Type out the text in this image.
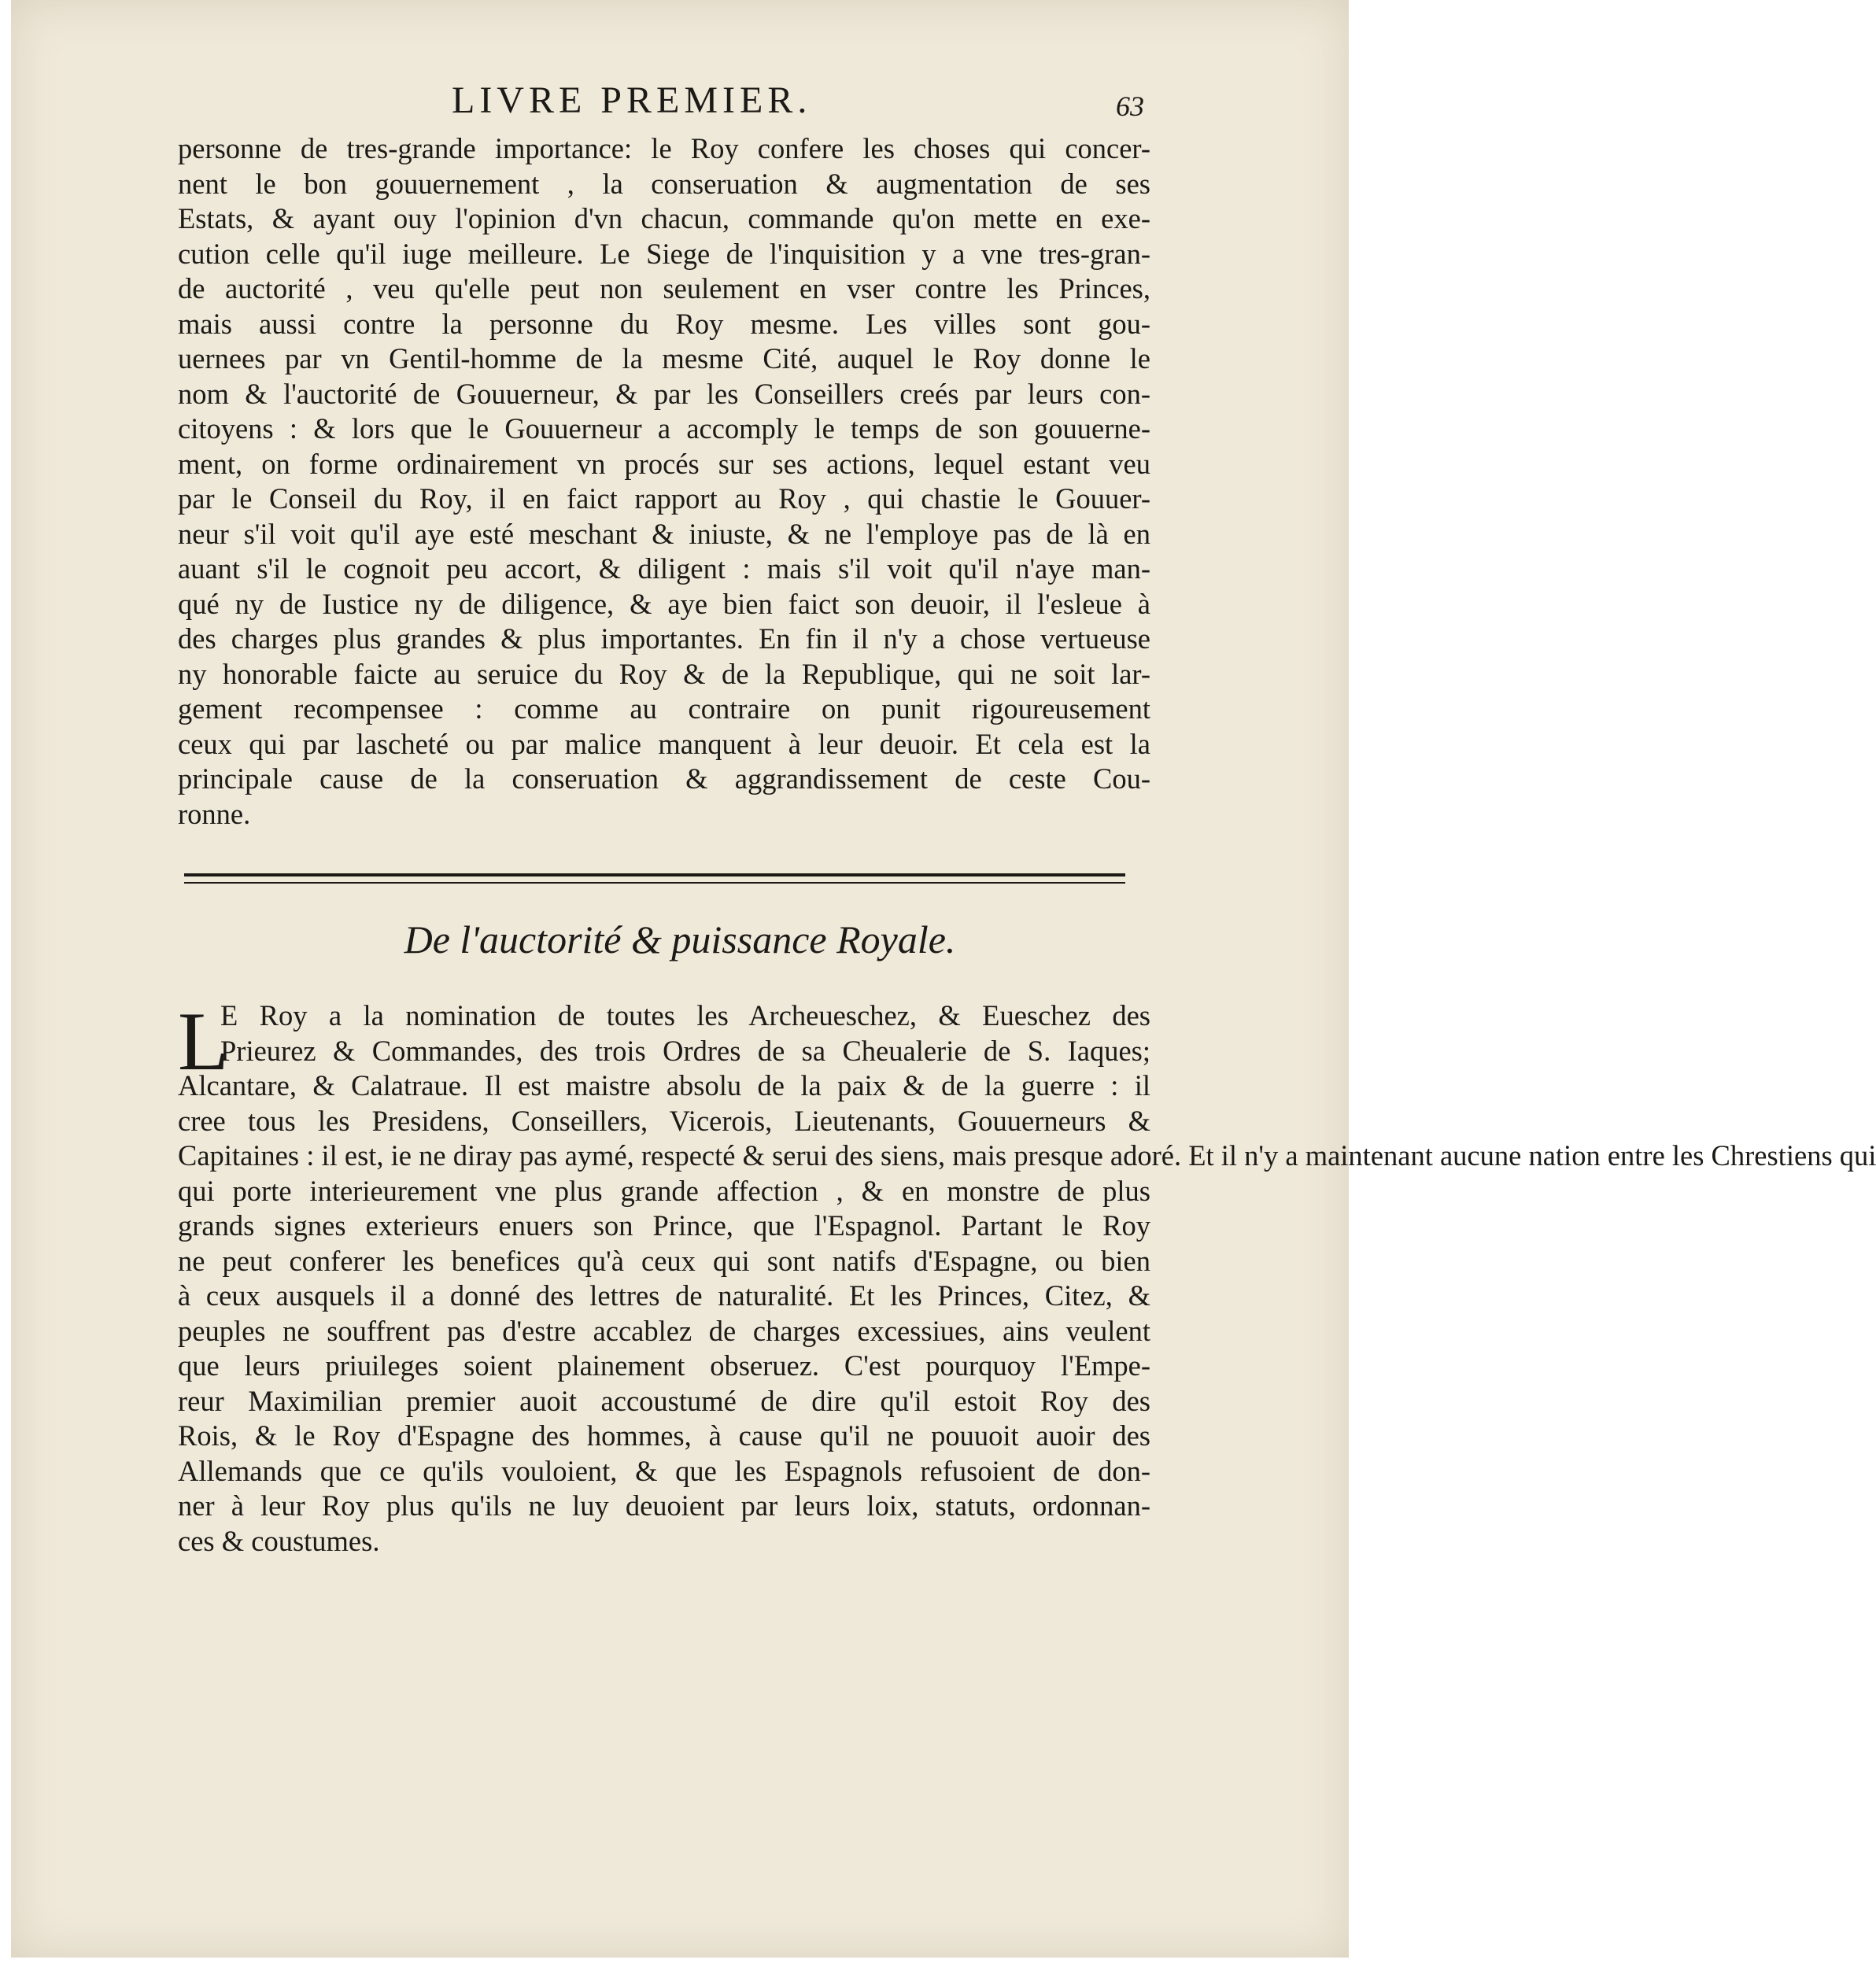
LIVRE PREMIER.	63
personne de tres-grande importance: le Roy confere les choses qui concer-
nent le bon gouuernement , la conseruation & augmentation de ses
Estats, & ayant ouy l'opinion d'vn chacun, commande qu'on mette en exe-
cution celle qu'il iuge meilleure. Le Siege de l'inquisition y a vne tres-gran-
de auctorité , veu qu'elle peut non seulement en vser contre les Princes,
mais aussi contre la personne du Roy mesme. Les villes sont gou-
uernees par vn Gentil-homme de la mesme Cité, auquel le Roy donne le
nom & l'auctorité de Gouuerneur, & par les Conseillers creés par leurs con-
citoyens : & lors que le Gouuerneur a accomply le temps de son gouuerne-
ment, on forme ordinairement vn procés sur ses actions, lequel estant veu
par le Conseil du Roy, il en faict rapport au Roy , qui chastie le Gouuer-
neur s'il voit qu'il aye esté meschant & iniuste, & ne l'employe pas de là en
auant s'il le cognoit peu accort, & diligent : mais s'il voit qu'il n'aye man-
qué ny de Iustice ny de diligence, & aye bien faict son deuoir, il l'esleue à
des charges plus grandes & plus importantes. En fin il n'y a chose vertueuse
ny honorable faicte au seruice du Roy & de la Republique, qui ne soit lar-
gement recompensee : comme au contraire on punit rigoureusement
ceux qui par lascheté ou par malice manquent à leur deuoir. Et cela est la
principale cause de la conseruation & aggrandissement de ceste Cou-
ronne.
De l'auctorité & puissance Royale.
L
E Roy a la nomination de toutes les Archeueschez, & Eueschez des
Prieurez & Commandes, des trois Ordres de sa Cheualerie de S. Iaques;
Alcantare, & Calatraue. Il est maistre absolu de la paix & de la guerre : il
cree tous les Presidens, Conseillers, Vicerois, Lieutenants, Gouuerneurs &
Capitaines : il est, ie ne diray pas aymé, respecté & serui des siens, mais presque adoré. Et il n'y a maintenant aucune nation entre les Chrestiens qui
qui porte interieurement vne plus grande affection , & en monstre de plus
grands signes exterieurs enuers son Prince, que l'Espagnol. Partant le Roy
ne peut conferer les benefices qu'à ceux qui sont natifs d'Espagne, ou bien
à ceux ausquels il a donné des lettres de naturalité. Et les Princes, Citez, &
peuples ne souffrent pas d'estre accablez de charges excessiues, ains veulent
que leurs priuileges soient plainement obseruez. C'est pourquoy l'Empe-
reur Maximilian premier auoit accoustumé de dire qu'il estoit Roy des
Rois, & le Roy d'Espagne des hommes, à cause qu'il ne pouuoit auoir des
Allemands que ce qu'ils vouloient, & que les Espagnols refusoient de don-
ner à leur Roy plus qu'ils ne luy deuoient par leurs loix, statuts, ordonnan-
ces & coustumes.
